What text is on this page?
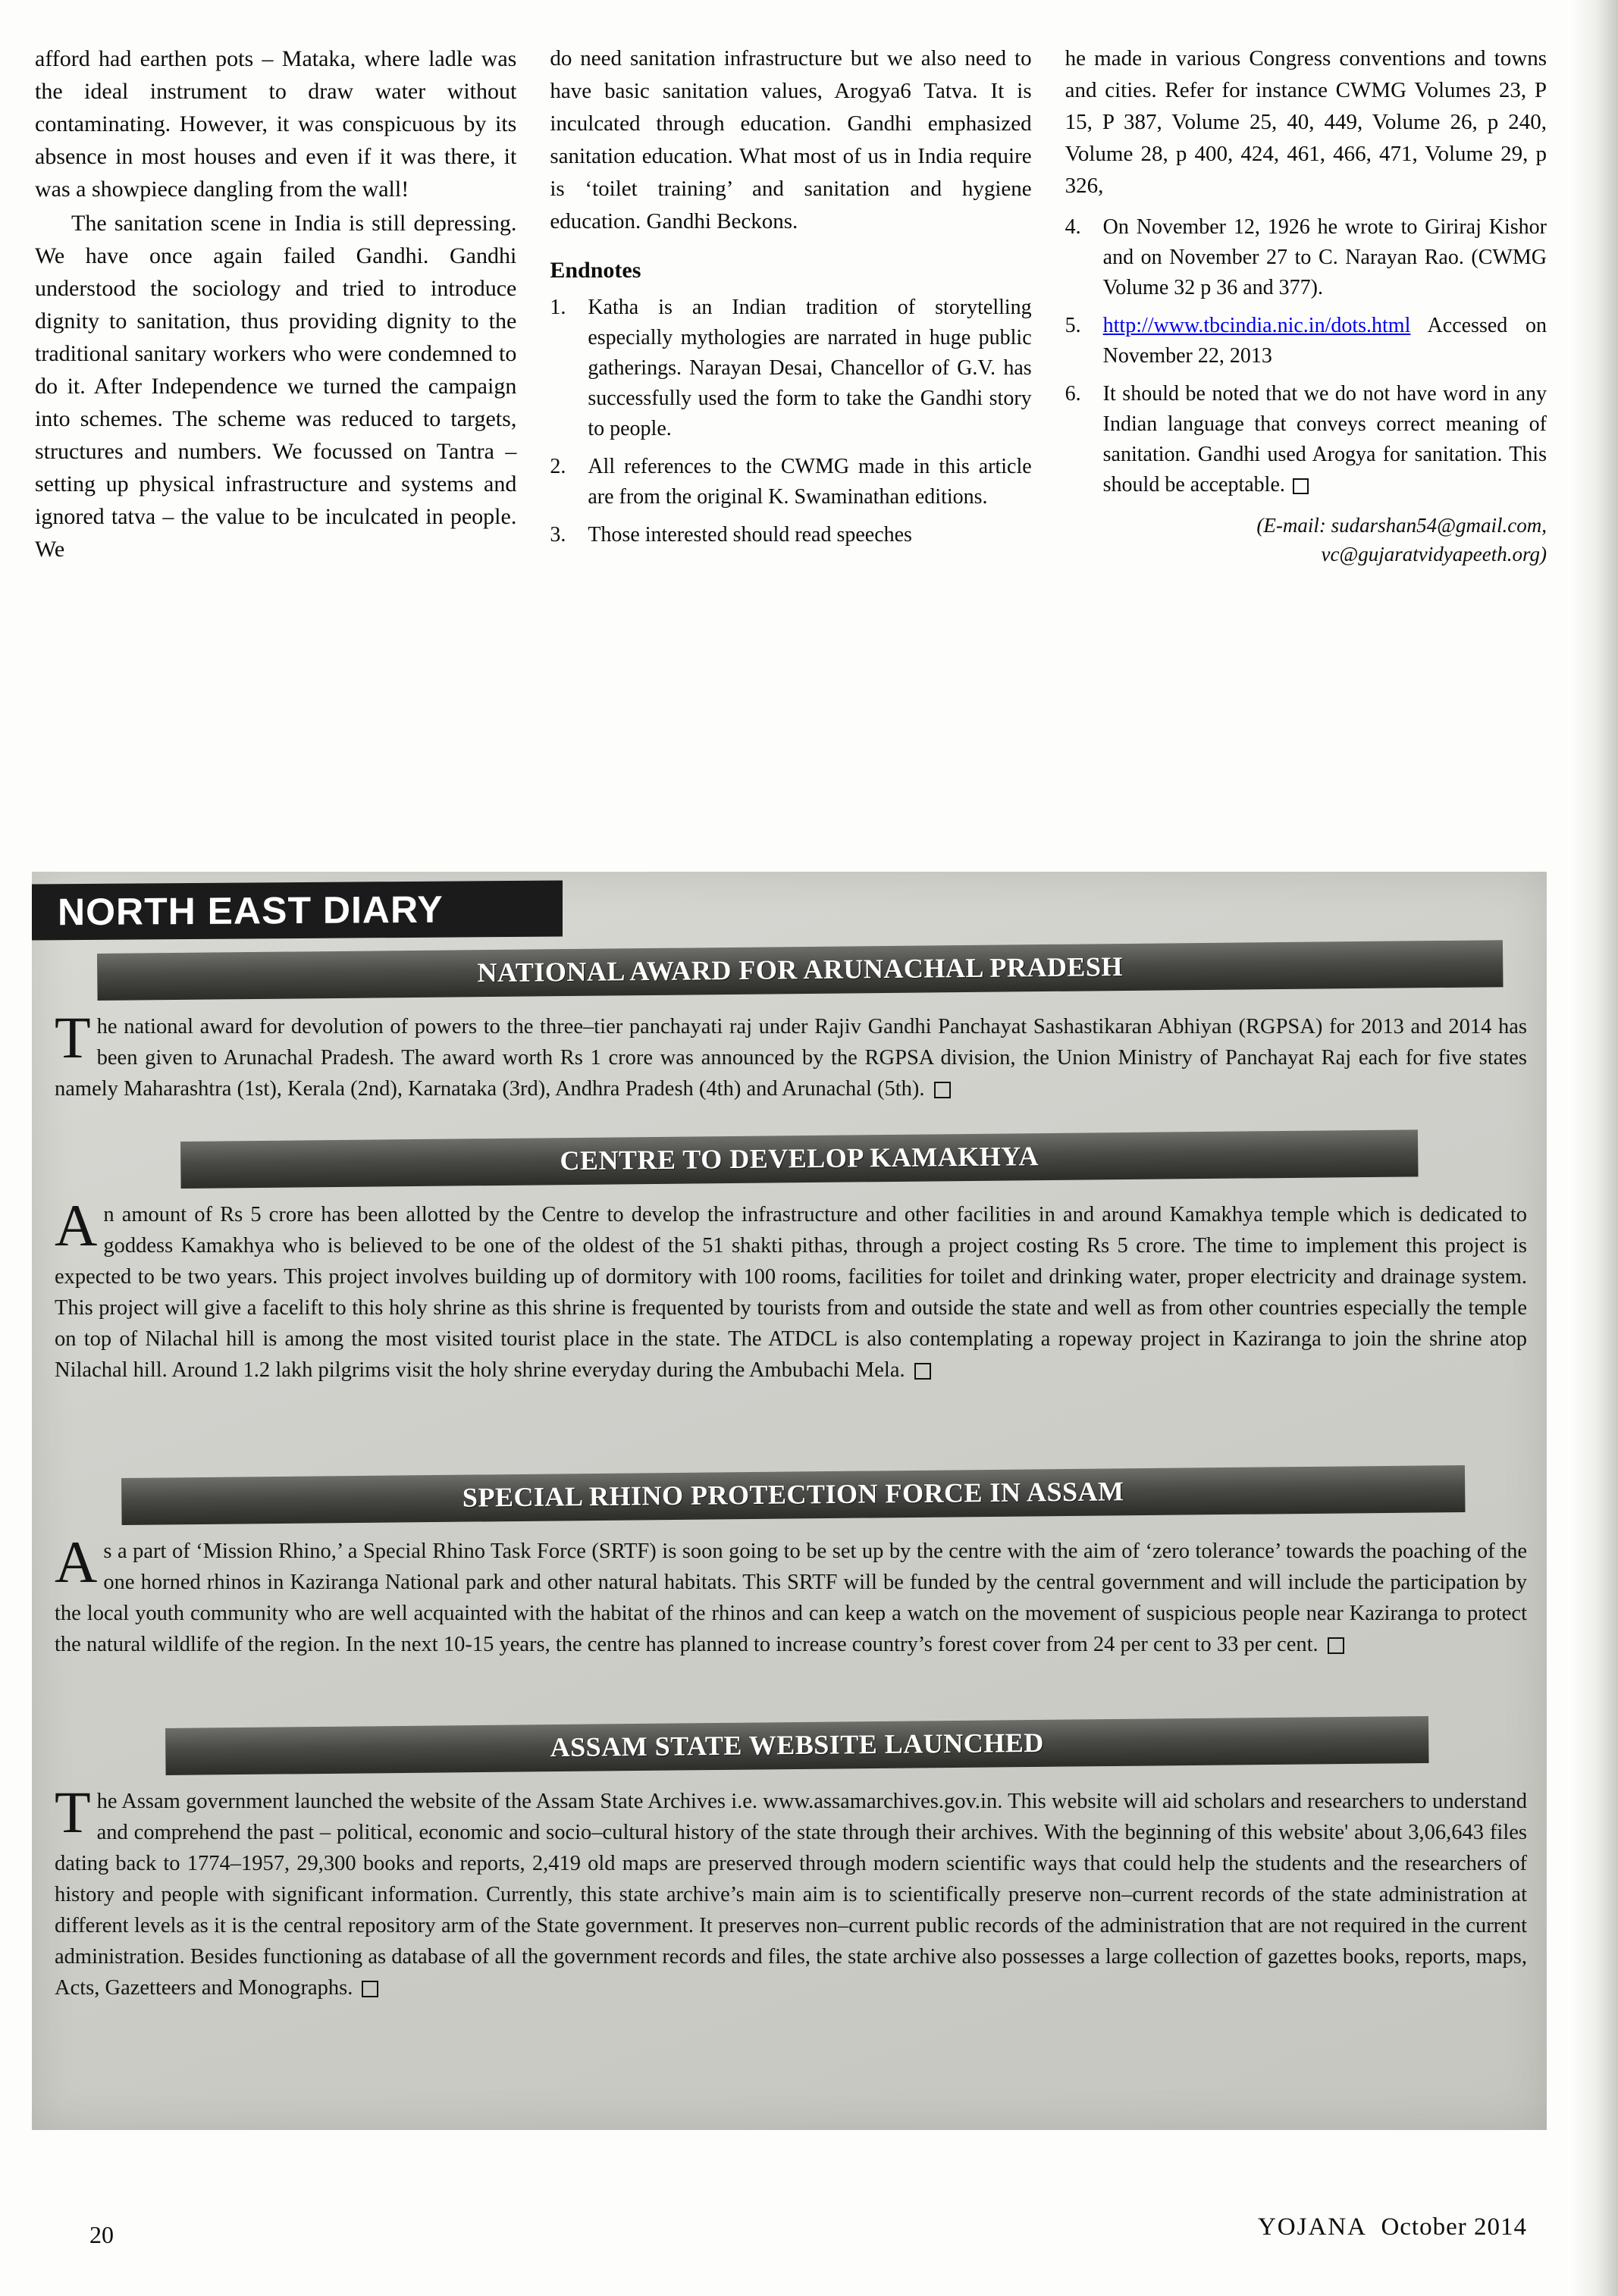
afford had earthen pots – Mataka, where ladle was the ideal instrument to draw water without contaminating. However, it was conspicuous by its absence in most houses and even if it was there, it was a showpiece dangling from the wall!

The sanitation scene in India is still depressing. We have once again failed Gandhi. Gandhi understood the sociology and tried to introduce dignity to sanitation, thus providing dignity to the traditional sanitary workers who were condemned to do it. After Independence we turned the campaign into schemes. The scheme was reduced to targets, structures and numbers. We focussed on Tantra – setting up physical infrastructure and systems and ignored tatva – the value to be inculcated in people. We

do need sanitation infrastructure but we also need to have basic sanitation values, Arogya6 Tatva. It is inculcated through education. Gandhi emphasized sanitation education. What most of us in India require is ‘toilet training’ and sanitation and hygiene education. Gandhi Beckons.

Endnotes
1.	Katha is an Indian tradition of storytelling especially mythologies are narrated in huge public gatherings. Narayan Desai, Chancellor of G.V. has successfully used the form to take the Gandhi story to people.
2.	All references to the CWMG made in this article are from the original K. Swaminathan editions.
3.	Those interested should read speeches

he made in various Congress conventions and towns and cities. Refer for instance CWMG Volumes 23, P 15, P 387, Volume 25, 40, 449, Volume 26, p 240, Volume 28, p 400, 424, 461, 466, 471, Volume 29, p 326,

4.	On November 12, 1926 he wrote to Giriraj Kishor and on November 27 to C. Narayan Rao. (CWMG Volume 32 p 36 and 377).
5.	http://www.tbcindia.nic.in/dots.html Accessed on November 22, 2013
6.	It should be noted that we do not have word in any Indian language that conveys correct meaning of sanitation. Gandhi used Arogya for sanitation. This should be acceptable.
(E-mail: sudarshan54@gmail.com,
vc@gujaratvidyapeeth.org)
NORTH EAST DIARY
NATIONAL AWARD FOR ARUNACHAL PRADESH
The national award for devolution of powers to the three–tier panchayati raj under Rajiv Gandhi Panchayat Sashastikaran Abhiyan (RGPSA) for 2013 and 2014 has been given to Arunachal Pradesh. The award worth Rs 1 crore was announced by the RGPSA division, the Union Ministry of Panchayat Raj each for five states namely Maharashtra (1st), Kerala (2nd), Karnataka (3rd), Andhra Pradesh (4th) and Arunachal (5th).
CENTRE TO DEVELOP KAMAKHYA
An amount of Rs 5 crore has been allotted by the Centre to develop the infrastructure and other facilities in and around Kamakhya temple which is dedicated to goddess Kamakhya who is believed to be one of the oldest of the 51 shakti pithas, through a project costing Rs 5 crore. The time to implement this project is expected to be two years. This project involves building up of dormitory with 100 rooms, facilities for toilet and drinking water, proper electricity and drainage system. This project will give a facelift to this holy shrine as this shrine is frequented by tourists from and outside the state and well as from other countries especially the temple on top of Nilachal hill is among the most visited tourist place in the state. The ATDCL is also contemplating a ropeway project in Kaziranga to join the shrine atop Nilachal hill. Around 1.2 lakh pilgrims visit the holy shrine everyday during the Ambubachi Mela.
SPECIAL RHINO PROTECTION FORCE IN ASSAM
As a part of ‘Mission Rhino,’ a Special Rhino Task Force (SRTF) is soon going to be set up by the centre with the aim of ‘zero tolerance’ towards the poaching of the one horned rhinos in Kaziranga National park and other natural habitats. This SRTF will be funded by the central government and will include the participation by the local youth community who are well acquainted with the habitat of the rhinos and can keep a watch on the movement of suspicious people near Kaziranga to protect the natural wildlife of the region. In the next 10-15 years, the centre has planned to increase country’s forest cover from 24 per cent to 33 per cent.
ASSAM STATE WEBSITE LAUNCHED
The Assam government launched the website of the Assam State Archives i.e. www.assamarchives.gov.in. This website will aid scholars and researchers to understand and comprehend the past – political, economic and socio–cultural history of the state through their archives. With the beginning of this website' about 3,06,643 files dating back to 1774–1957, 29,300 books and reports, 2,419 old maps are preserved through modern scientific ways that could help the students and the researchers of history and people with significant information. Currently, this state archive’s main aim is to scientifically preserve non–current records of the state administration at different levels as it is the central repository arm of the State government. It preserves non–current public records of the administration that are not required in the current administration. Besides functioning as database of all the government records and files, the state archive also possesses a large collection of gazettes books, reports, maps, Acts, Gazetteers and Monographs.
20	YOJANA October 2014
